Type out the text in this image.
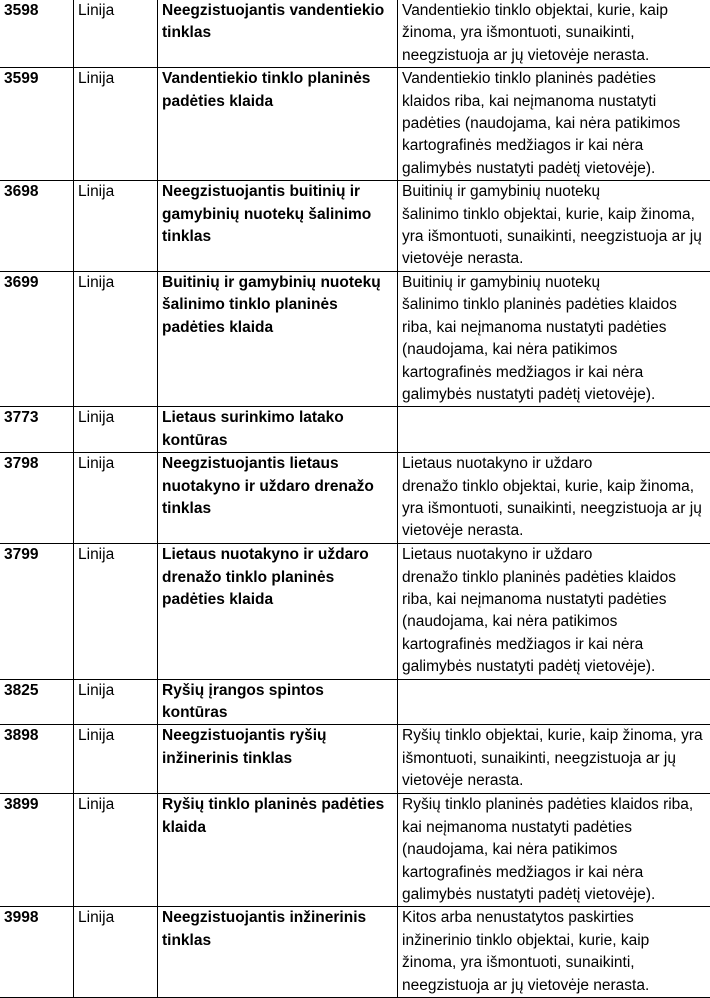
3598	Linija	Neegzistuojantis vandentiekio tinklas	Vandentiekio tinklo objektai, kurie, kaip žinoma, yra išmontuoti, sunaikinti, neegzistuoja ar jų vietovėje nerasta.
3599	Linija	Vandentiekio tinklo planinės padėties klaida	Vandentiekio tinklo planinės padėties klaidos riba, kai neįmanoma nustatyti padėties (naudojama, kai nėra patikimos kartografinės medžiagos ir kai nėra galimybės nustatyti padėtį vietovėje).
3698	Linija	Neegzistuojantis buitinių ir gamybinių nuotekų šalinimo tinklas	Buitinių ir gamybinių nuotekų
šalinimo tinklo objektai, kurie, kaip žinoma, yra išmontuoti, sunaikinti, neegzistuoja ar jų vietovėje nerasta.
3699	Linija	Buitinių ir gamybinių nuotekų šalinimo tinklo planinės padėties klaida	Buitinių ir gamybinių nuotekų
šalinimo tinklo planinės padėties klaidos riba, kai neįmanoma nustatyti padėties (naudojama, kai nėra patikimos kartografinės medžiagos ir kai nėra galimybės nustatyti padėtį vietovėje).
3773	Linija	Lietaus surinkimo latako kontūras	
3798	Linija	Neegzistuojantis lietaus nuotakyno ir uždaro drenažo tinklas	Lietaus nuotakyno ir uždaro
drenažo tinklo objektai, kurie, kaip žinoma, yra išmontuoti, sunaikinti, neegzistuoja ar jų vietovėje nerasta.
3799	Linija	Lietaus nuotakyno ir uždaro drenažo tinklo planinės padėties klaida	Lietaus nuotakyno ir uždaro
drenažo tinklo planinės padėties klaidos riba, kai neįmanoma nustatyti padėties (naudojama, kai nėra patikimos kartografinės medžiagos ir kai nėra galimybės nustatyti padėtį vietovėje).
3825	Linija	Ryšių įrangos spintos kontūras	
3898	Linija	Neegzistuojantis ryšių inžinerinis tinklas	Ryšių tinklo objektai, kurie, kaip žinoma, yra išmontuoti, sunaikinti, neegzistuoja ar jų vietovėje nerasta.
3899	Linija	Ryšių tinklo planinės padėties klaida	Ryšių tinklo planinės padėties klaidos riba, kai neįmanoma nustatyti padėties (naudojama, kai nėra patikimos kartografinės medžiagos ir kai nėra galimybės nustatyti padėtį vietovėje).
3998	Linija	Neegzistuojantis inžinerinis tinklas	Kitos arba nenustatytos paskirties inžinerinio tinklo objektai, kurie, kaip žinoma, yra išmontuoti, sunaikinti, neegzistuoja ar jų vietovėje nerasta.
